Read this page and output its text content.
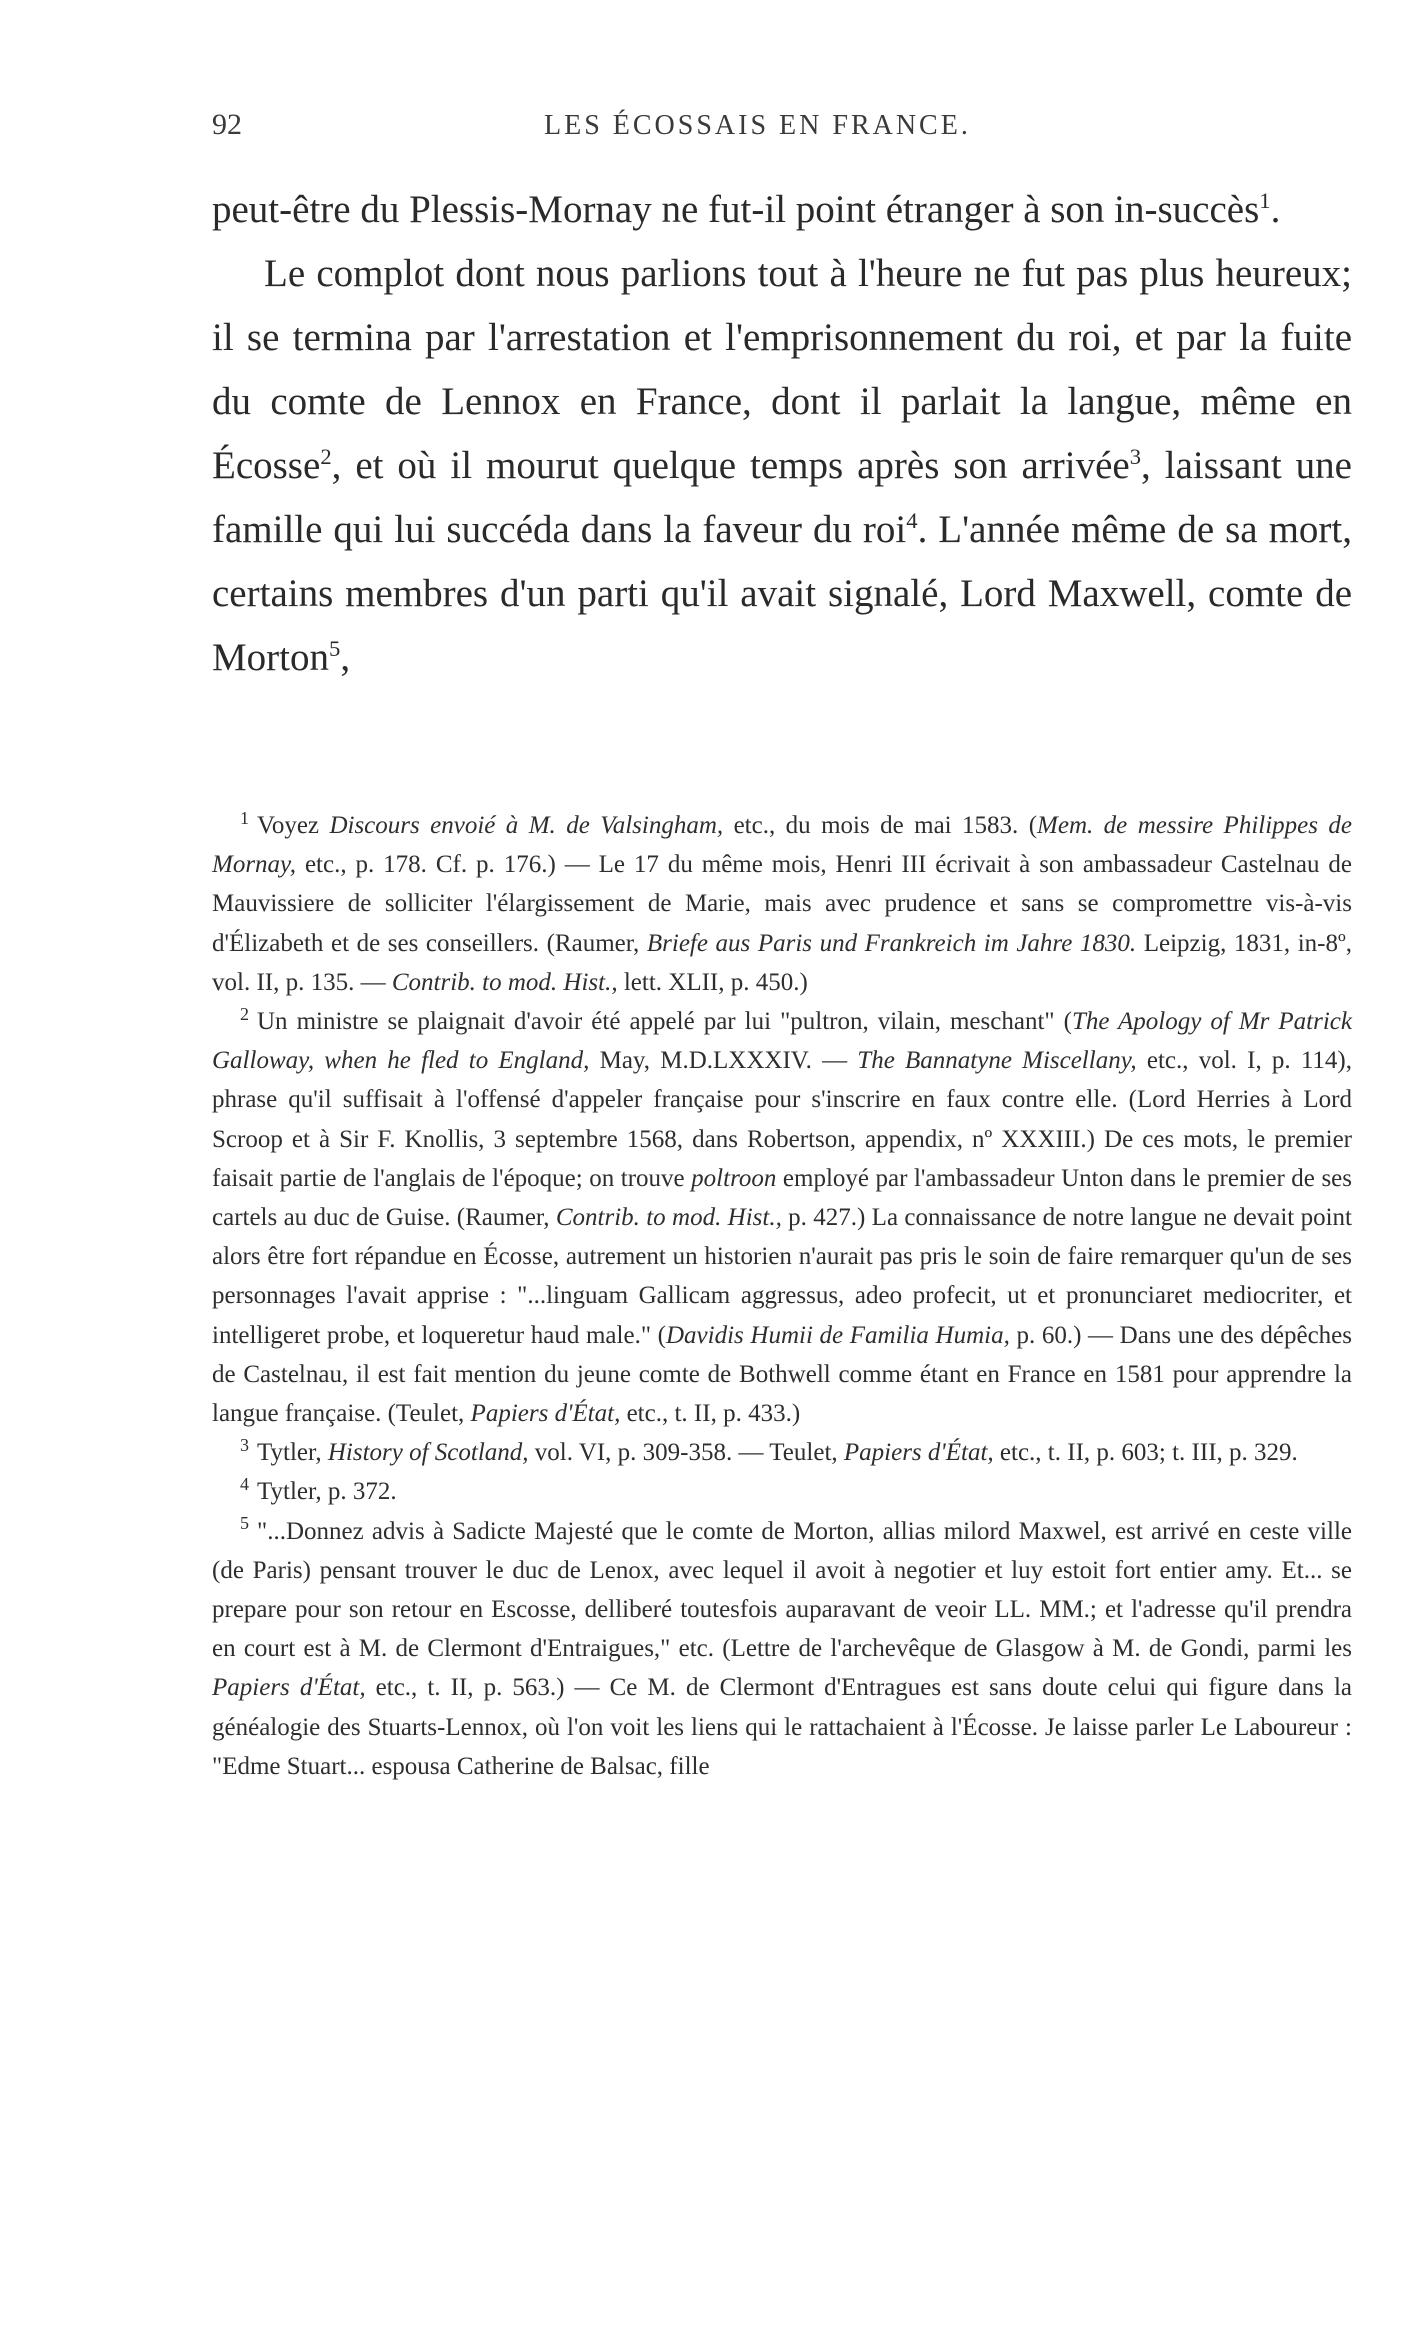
92	LES ÉCOSSAIS EN FRANCE.

peut-être du Plessis-Mornay ne fut-il point étranger à son in-succès$^1$.

Le complot dont nous parlions tout à l'heure ne fut pas plus heureux; il se termina par l'arrestation et l'emprisonnement du roi, et par la fuite du comte de Lennox en France, dont il parlait la langue, même en Écosse$^2$, et où il mourut quelque temps après son arrivée$^3$, laissant une famille qui lui succéda dans la faveur du roi$^4$. L'année même de sa mort, certains membres d'un parti qu'il avait signalé, Lord Maxwell, comte de Morton$^5$,

$^1$ Voyez Discours envoié à M. de Valsingham, etc., du mois de mai 1583. (Mem. de messire Philippes de Mornay, etc., p. 178. Cf. p. 176.) — Le 17 du même mois, Henri III écrivait à son ambassadeur Castelnau de Mauvissiere de solliciter l'élargissement de Marie, mais avec prudence et sans se compromettre vis-à-vis d'Élizabeth et de ses conseillers. (Raumer, Briefe aus Paris und Frankreich im Jahre 1830. Leipzig, 1831, in-8º, vol. II, p. 135. — Contrib. to mod. Hist., lett. XLII, p. 450.)

$^2$ Un ministre se plaignait d'avoir été appelé par lui "pultron, vilain, meschant" (The Apology of Mr Patrick Galloway, when he fled to England, May, M.D.LXXXIV. — The Bannatyne Miscellany, etc., vol. I, p. 114), phrase qu'il suffisait à l'offensé d'appeler française pour s'inscrire en faux contre elle. (Lord Herries à Lord Scroop et à Sir F. Knollis, 3 septembre 1568, dans Robertson, appendix, nº XXXIII.) De ces mots, le premier faisait partie de l'anglais de l'époque; on trouve poltroon employé par l'ambassadeur Unton dans le premier de ses cartels au duc de Guise. (Raumer, Contrib. to mod. Hist., p. 427.) La connaissance de notre langue ne devait point alors être fort répandue en Écosse, autrement un historien n'aurait pas pris le soin de faire remarquer qu'un de ses personnages l'avait apprise : "...linguam Gallicam aggressus, adeo profecit, ut et pronunciaret mediocriter, et intelligeret probe, et loqueretur haud male." (Davidis Humii de Familia Humia, p. 60.) — Dans une des dépêches de Castelnau, il est fait mention du jeune comte de Bothwell comme étant en France en 1581 pour apprendre la langue française. (Teulet, Papiers d'État, etc., t. II, p. 433.)

$^3$ Tytler, History of Scotland, vol. VI, p. 309-358. — Teulet, Papiers d'État, etc., t. II, p. 603; t. III, p. 329.

$^4$ Tytler, p. 372.

$^5$ "...Donnez advis à Sadicte Majesté que le comte de Morton, allias milord Maxwel, est arrivé en ceste ville (de Paris) pensant trouver le duc de Lenox, avec lequel il avoit à negotier et luy estoit fort entier amy. Et... se prepare pour son retour en Escosse, delliberé toutesfois auparavant de veoir LL. MM.; et l'adresse qu'il prendra en court est à M. de Clermont d'Entraigues," etc. (Lettre de l'archevêque de Glasgow à M. de Gondi, parmi les Papiers d'État, etc., t. II, p. 563.) — Ce M. de Clermont d'Entragues est sans doute celui qui figure dans la généalogie des Stuarts-Lennox, où l'on voit les liens qui le rattachaient à l'Écosse. Je laisse parler Le Laboureur : "Edme Stuart... espousa Catherine de Balsac, fille
